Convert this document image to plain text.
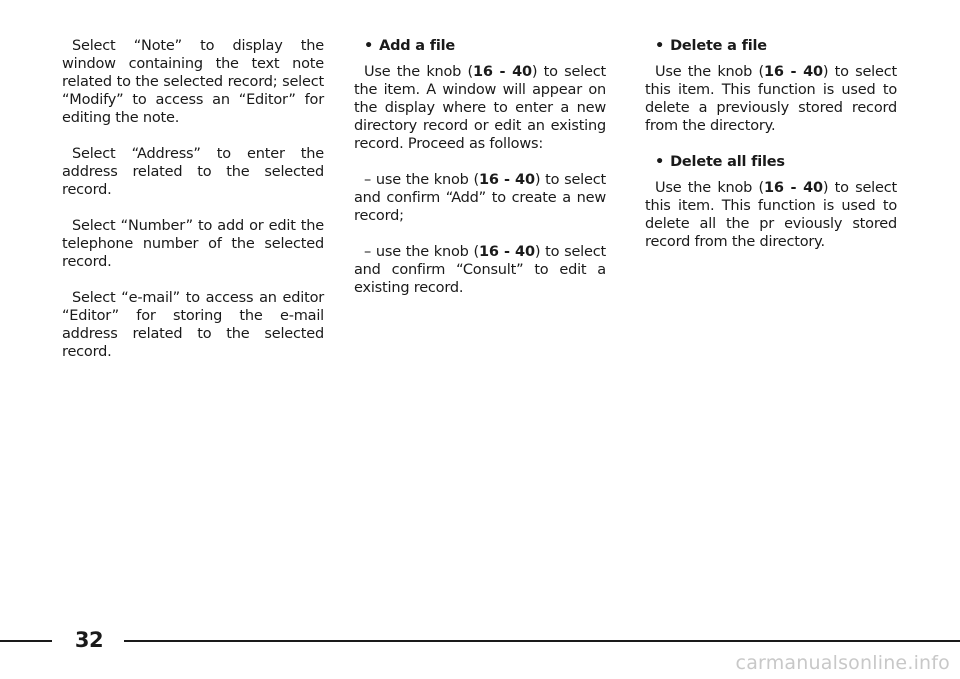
Select “Note” to display the window containing the text note related to the selected record; select “Modify” to access an “Editor” for editing the note.

Select “Address” to enter the address related to the selected record.

Select “Number” to add or edit the telephone number of the selected record.

Select “e-mail” to access an editor “Editor” for storing the e-mail address related to the selected record.

• Add a file

Use the knob (16 - 40) to select the item. A window will appear on the display where to enter a new directory record or edit an existing record. Proceed as follows:

– use the knob (16 - 40) to select and confirm “Add” to create a new record;

– use the knob (16 - 40) to select and confirm “Consult” to edit a existing record.

• Delete a file

Use the knob (16 - 40) to select this item. This function is used to delete a previously stored record from the directory.

• Delete all files

Use the knob (16 - 40) to select this item. This function is used to delete all the pr eviously stored record from the directory.

32
carmanualsonline.info
